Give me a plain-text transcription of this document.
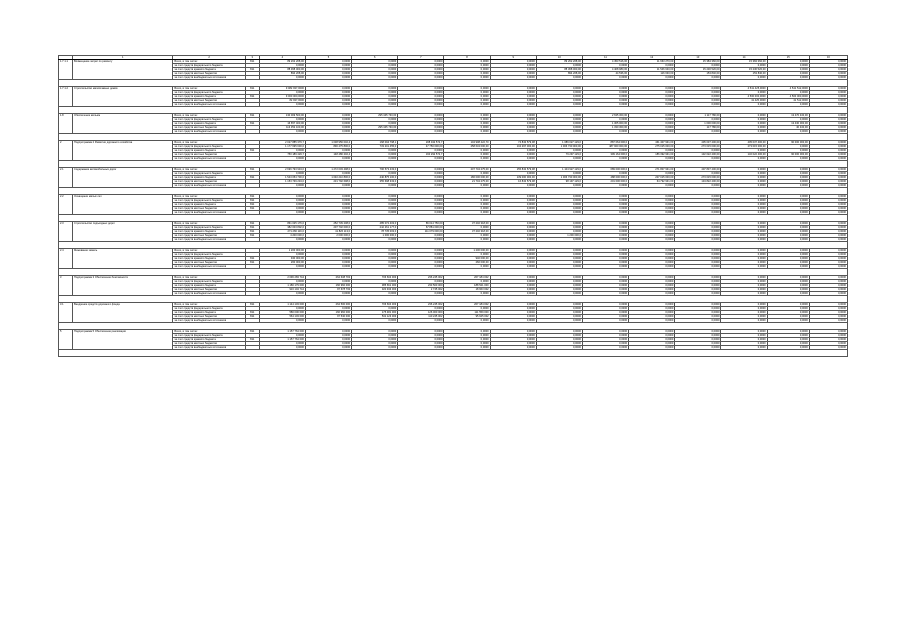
	1	2	3	4	5	6	7	8	9	10	11	12	13	14	15	16
1.7.1.1	Возмещение затрат по ремонту	Всего, в том числе:	811	89 262 208,00	0,0000	0,0000	0,0000	0,0000	0,0000	89 262 208,00	4 453 516,00	11 663 270,00	15 384 360,00	15 384 360,00	0,0000	0,0000
		за счет средств федерального бюджета		0,0000	0,0000	0,0000	0,0000	0,0000	0,0000	0,0000	0,0000	0,0000	0,0000	0,0000	0,0000	0,0000
		за счет средств краевого бюджета	811	88 368 000,00	0,0000	0,0000	0,0000	0,0000	0,0000	88 368 000,00	4 408 980,00	11 546 640,00	15 230 520,00	15 230 520,00	0,0000	0,0000
		за счет средств местных бюджетов		894 208,00	0,0000	0,0000	0,0000	0,0000	0,0000	894 208,00	44 536,00	116 630,00	153 840,00	153 840,00	0,0000	0,0000
		за счет средств внебюджетных источников		0,0000	0,0000	0,0000	0,0000	0,0000	0,0000	0,0000	0,0000	0,0000	0,0000	0,0000	0,0000	0,0000

1.7.1.2	Строительство малоэтажных домов	Всего, в том числе:	811	9 082 937,0000	0,0000	0,0000	0,0000	0,0000	0,0000	0,0000	0,0000	0,0000	0,0000	4 541 425,0000	4 541 512,0000	0,0000
		за счет средств федерального бюджета		0,0000	0,0000	0,0000	0,0000	0,0000	0,0000	0,0000	0,0000	0,0000	0,0000	0,0000	0,0000	0,0000
		за счет средств краевого бюджета	811	9 000 000,0000	0,0000	0,0000	0,0000	0,0000	0,0000	0,0000	0,0000	0,0000	0,0000	4 500 000,0000	4 500 000,0000	0,0000
		за счет средств местных бюджетов		82 937,0000	0,0000	0,0000	0,0000	0,0000	0,0000	0,0000	0,0000	0,0000	0,0000	41 425,0000	41 512,0000	0,0000
		за счет средств внебюджетных источников		0,0000	0,0000	0,0000	0,0000	0,0000	0,0000	0,0000	0,0000	0,0000	0,0000	0,0000	0,0000	0,0000

1.8	Обеспечение жильем	Всего, в том числе:	811	130 009 500,00	0,0000	295 345 730,00	0,0000	0,0000	0,0000	0,0000	2 635 300,00	0,0000	1 117 780,00	0,0000	13 470 430,00	0,0000
		за счет средств федерального бюджета		0,0000	0,0000	0,0000	0,0000	0,0000	0,0000	0,0000	0,0000	0,0000	0,0000	0,0000	0,0000	0,0000
		за счет средств краевого бюджета	811	16 657 400,00	0,0000	0,0000	0,0000	0,0000	0,0000	0,0000	1 305 000,00	0,0000	1 000 000,00	0,0000	13 430 000,00	0,0000
		за счет средств местных бюджетов		113 352 100,00	0,0000	295 345 730,00	0,0000	0,0000	0,0000	0,0000	1 330 300,00	0,0000	117 780,00	0,0000	40 430,00	0,0000
		за счет средств внебюджетных источников		0,0000	0,0000	0,0000	0,0000	0,0000	0,0000	0,0000	0,0000	0,0000	0,0000	0,0000	0,0000	0,0000

2	Подпрограмма 2 Развитие дорожного хозяйства	Всего, в том числе:		2 027 885 379,7	1 038 956 002,4	168 094 798,1	208 042 572,7	104 908 422,70	74 843 579,08	1 086 027 129,0	887 064 096,0	461 407 931,00	405 037 400,00	405 037 400,00	90 000 000,00	0,0000
		за счет средств федерального бюджета		1 177 695 600,0	890 475 800,0	733 201 455,0	47 750 000,00	258 634 000,00	104 297 000,00	1 006 730 000,00	487 900 000,00	275 015 000,00	273 015 000,00	273 015 000,00	0,0000	0,0000
		за счет средств краевого бюджета	811	0,0000	0,0000	0,0000	0,0000	0,0000	0,0000	0,0000	0,0000	0,0000	0,0000	0,0000	0,0000	0,0000
		за счет средств местных бюджетов		750 189 429,7	148 480 202,4	0,0000	160 292 572,7	0,0000	0,0000	79 297 129,0	399 164 096,0	186 392 931,00	132 022 400,00	132 022 400,00	90 000 000,00	0,0000
		за счет средств внебюджетных источников		0,0000	0,0000	0,0000	0,0000	0,0000	0,0000	0,0000	0,0000	0,0000	0,0000	0,0000	0,0000	0,0000

2.1	Содержание автомобильных дорог	Всего, в том числе:	811	2 696 793 934,0	1 272 003 498,0	796 573 433,0	0,0000	207 704 275,00	155 843 579,08	1 104 927 129,0	689 000 000,0	271 807 931,00	407 837 400,00	0,0000	0,0000	0,0000
		за счет средств федерального бюджета		0,0000	0,0000	0,0000	0,0000	0,0000	0,0000	0,0000	0,0000	0,0000	0,0000	0,0000	0,0000	0,0000
		за счет средств краевого бюджета	811	1 543 054 700,0	1 040 210 800,0	440 875 100,0	0,0000	186 000 000,00	139 000 000,00	1 006 730 000,00	488 000 000,0	207 015 000,00	273 015 000,00	0,0000	0,0000	0,0000
		за счет средств местных бюджетов		1 153 739 234,0	231 792 698,0	355 698 333,0	0,0000	21 704 275,00	16 843 579,08	98 197 129,0	201 000 000,0	64 792 931,00	134 822 400,00	0,0000	0,0000	0,0000
		за счет средств внебюджетных источников		0,0000	0,0000	0,0000	0,0000	0,0000	0,0000	0,0000	0,0000	0,0000	0,0000	0,0000	0,0000	0,0000

2.2	Оснащение малых сел	Всего, в том числе:	811	0,0000	0,0000	0,0000	0,0000	0,0000	0,0000	0,0000	0,0000	0,0000	0,0000	0,0000	0,0000	0,0000
		за счет средств федерального бюджета	811	0,0000	0,0000	0,0000	0,0000	0,0000	0,0000	0,0000	0,0000	0,0000	0,0000	0,0000	0,0000	0,0000
		за счет средств краевого бюджета	811	0,0000	0,0000	0,0000	0,0000	0,0000	0,0000	0,0000	0,0000	0,0000	0,0000	0,0000	0,0000	0,0000
		за счет средств местных бюджетов	811	0,0000	0,0000	0,0000	0,0000	0,0000	0,0000	0,0000	0,0000	0,0000	0,0000	0,0000	0,0000	0,0000
		за счет средств внебюджетных источников		0,0000	0,0000	0,0000	0,0000	0,0000	0,0000	0,0000	0,0000	0,0000	0,0000	0,0000	0,0000	0,0000

2.3	Строительство подъездных дорог	Всего, в том числе:	811	861 025 176,0	252 739 208,0	485 072 403,0	86 014 750,00	37 202 318,00	0,0000	0,0000	0,0000	0,0000	0,0000	0,0000	0,0000	0,0000
		за счет средств федерального бюджета	811	382 003 802,0	207 702 000,0	242 261 177,0	67 881 000,00	0,0000	0,0000	0,0000	0,0000	0,0000	0,0000	0,0000	0,0000	0,0000
		за счет средств краевого бюджета	811	271 266 116,0	41 826 113,0	78 735 003,0	111 079 000,00	37 202 318,00	0,0000	0,0000	0,0000	0,0000	0,0000	0,0000	0,0000	0,0000
		за счет средств местных бюджетов	811	4 200 000,0	2 000 000,0	1 000 000,0	0,0000	0,0000	0,0000	1 200 000,0	0,0000	0,0000	0,0000	0,0000	0,0000	0,0000
		за счет средств внебюджетных источников		0,0000	0,0000	0,0000	0,0000	0,0000	0,0000	0,0000	0,0000	0,0000	0,0000	0,0000	0,0000	0,0000

2.4	Межевание земель	Всего, в том числе:		1 200 000,00	0,0000	0,0000	0,0000	1 200 000,00	0,0000	0,0000	0,0000	0,0000	0,0000	0,0000	0,0000	0,0000
		за счет средств федерального бюджета		0,0000	0,0000	0,0000	0,0000	0,0000	0,0000	0,0000	0,0000	0,0000	0,0000	0,0000	0,0000	0,0000
		за счет средств краевого бюджета	811	940 000,00	0,0000	0,0000	0,0000	940 000,00	0,0000	0,0000	0,0000	0,0000	0,0000	0,0000	0,0000	0,0000
		за счет средств местных бюджетов	811	260 000,00	0,0000	0,0000	0,0000	260 000,00	0,0000	0,0000	0,0000	0,0000	0,0000	0,0000	0,0000	0,0000
		за счет средств внебюджетных источников		0,0000	0,0000	0,0000	0,0000	0,0000	0,0000	0,0000	0,0000	0,0000	0,0000	0,0000	0,0000	0,0000

3	Подпрограмма 3 Обеспечение безопасности	Всего, в том числе:		2 096 283 744	264 638 793	706 604 003	236 245 002	207 184 002	0,0000	0,0000	0,0000	0,0000	0,0000	0,0000	0,0000	0,0000
		за счет средств федерального бюджета		0,0000	0,0000	0,0000	0,0000	0,0000	0,0000	0,0000	0,0000	0,0000	0,0000	0,0000	0,0000	0,0000
		за счет средств краевого бюджета		1 180 179 000	166 960 000	385 661 000	233 500 000	188 521 000	0,0000	0,0000	0,0000	0,0000	0,0000	0,0000	0,0000	0,0000
		за счет средств местных бюджетов		916 104 744	97 678 793	320 943 003	2 745 002	18 663 002	0,0000	0,0000	0,0000	0,0000	0,0000	0,0000	0,0000	0,0000
		за счет средств внебюджетных источников		0,0000	0,0000	0,0000	0,0000	0,0000	0,0000	0,0000	0,0000	0,0000	0,0000	0,0000	0,0000	0,0000

3.1	Внедрение средств дорожного фонда	Всего, в том числе:	811	1 144 103 000	264 500 000	706 604 003	236 245 002	207 184 002	0,0000	0,0000	0,0000	0,0000	0,0000	0,0000	0,0000	0,0000
		за счет средств федерального бюджета		0,0000	0,0000	0,0000	0,0000	0,0000	0,0000	0,0000	0,0000	0,0000	0,0000	0,0000	0,0000	0,0000
		за счет средств краевого бюджета	811	580 000 000	166 960 000	175 481 000	126 000 000	111 559 000	0,0000	0,0000	0,0000	0,0000	0,0000	0,0000	0,0000	0,0000
		за счет средств местных бюджетов	811	564 103 000	97 540 000	531 123 003	110 245 002	95 625 002	0,0000	0,0000	0,0000	0,0000	0,0000	0,0000	0,0000	0,0000
		за счет средств внебюджетных источников		0,0000	0,0000	0,0000	0,0000	0,0000	0,0000	0,0000	0,0000	0,0000	0,0000	0,0000	0,0000	0,0000

5	Подпрограмма 5 Обеспечение реализации	Всего, в том числе:	811	1 157 764 000	0,0000	0,0000	0,0000	0,0000	0,0000	0,0000	0,0000	0,0000	0,0000	0,0000	0,0000	0,0000
		за счет средств федерального бюджета		0,0000	0,0000	0,0000	0,0000	0,0000	0,0000	0,0000	0,0000	0,0000	0,0000	0,0000	0,0000	0,0000
		за счет средств краевого бюджета	811	1 157 764 000	0,0000	0,0000	0,0000	0,0000	0,0000	0,0000	0,0000	0,0000	0,0000	0,0000	0,0000	0,0000
		за счет средств местных бюджетов		0,0000	0,0000	0,0000	0,0000	0,0000	0,0000	0,0000	0,0000	0,0000	0,0000	0,0000	0,0000	0,0000
		за счет средств внебюджетных источников		0,0000	0,0000	0,0000	0,0000	0,0000	0,0000	0,0000	0,0000	0,0000	0,0000	0,0000	0,0000	0,0000
